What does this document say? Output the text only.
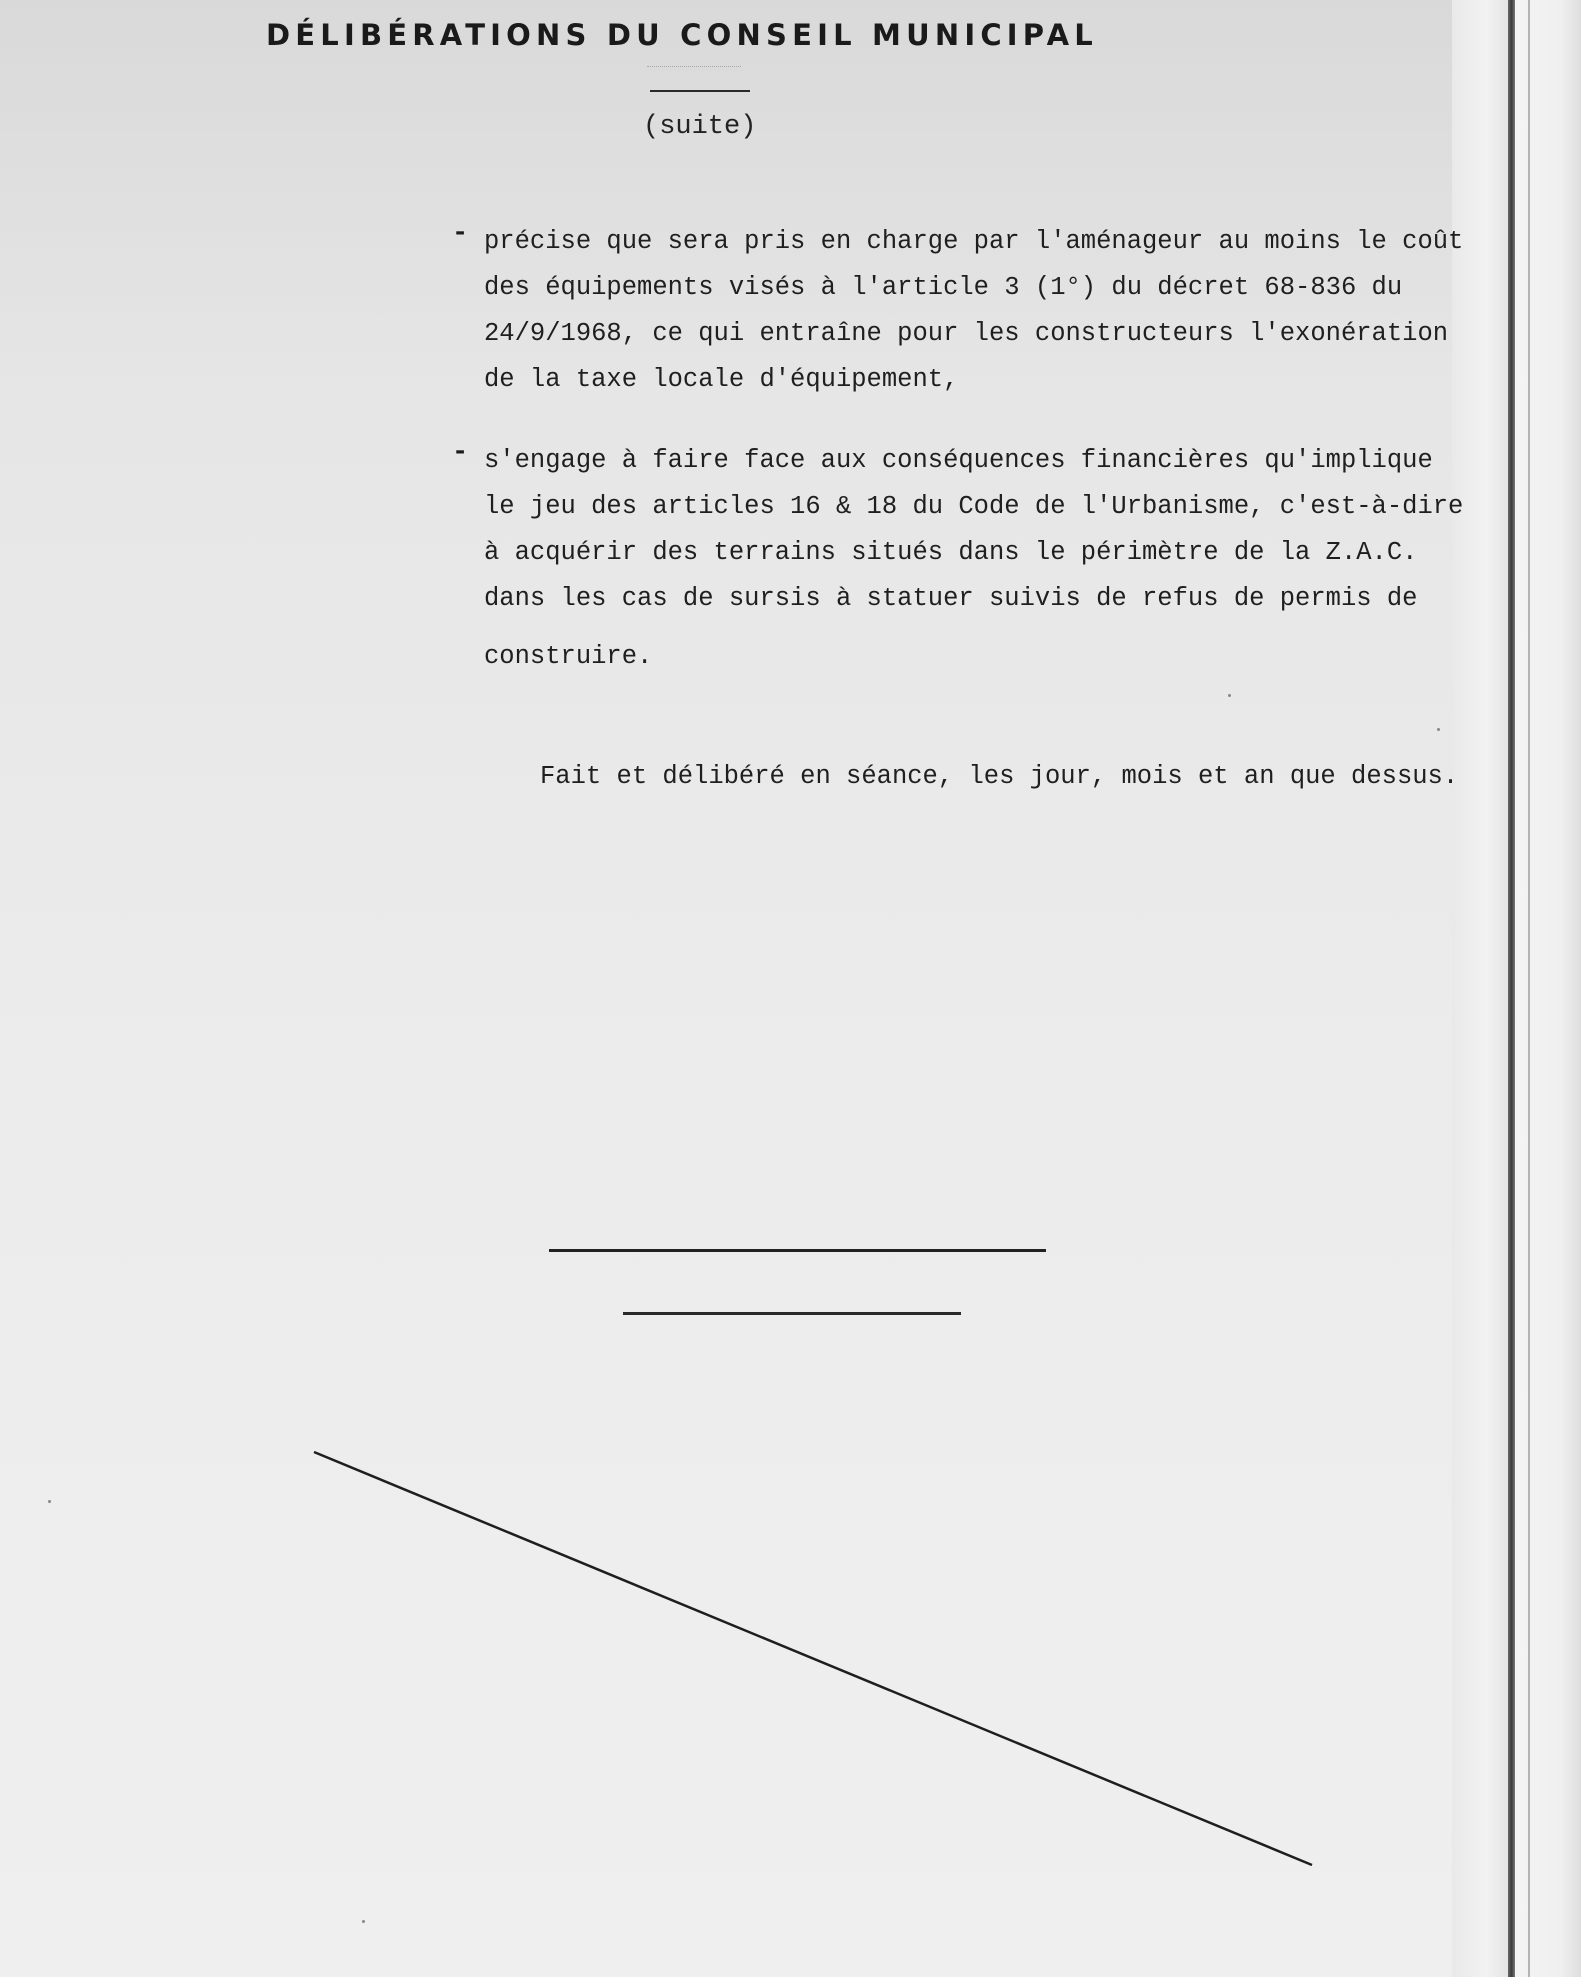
DÉLIBÉRATIONS DU CONSEIL MUNICIPAL
(suite)
- précise que sera pris en charge par l'aménageur au moins le coût
des équipements visés à l'article 3 (1°) du décret 68-836 du
24/9/1968, ce qui entraîne pour les constructeurs l'exonération
de la taxe locale d'équipement,
- s'engage à faire face aux conséquences financières qu'implique
le jeu des articles 16 & 18 du Code de l'Urbanisme, c'est-à-dire
à acquérir des terrains situés dans le périmètre de la Z.A.C.
dans les cas de sursis à statuer suivis de refus de permis de
construire.
Fait et délibéré en séance, les jour, mois et an que dessus.
